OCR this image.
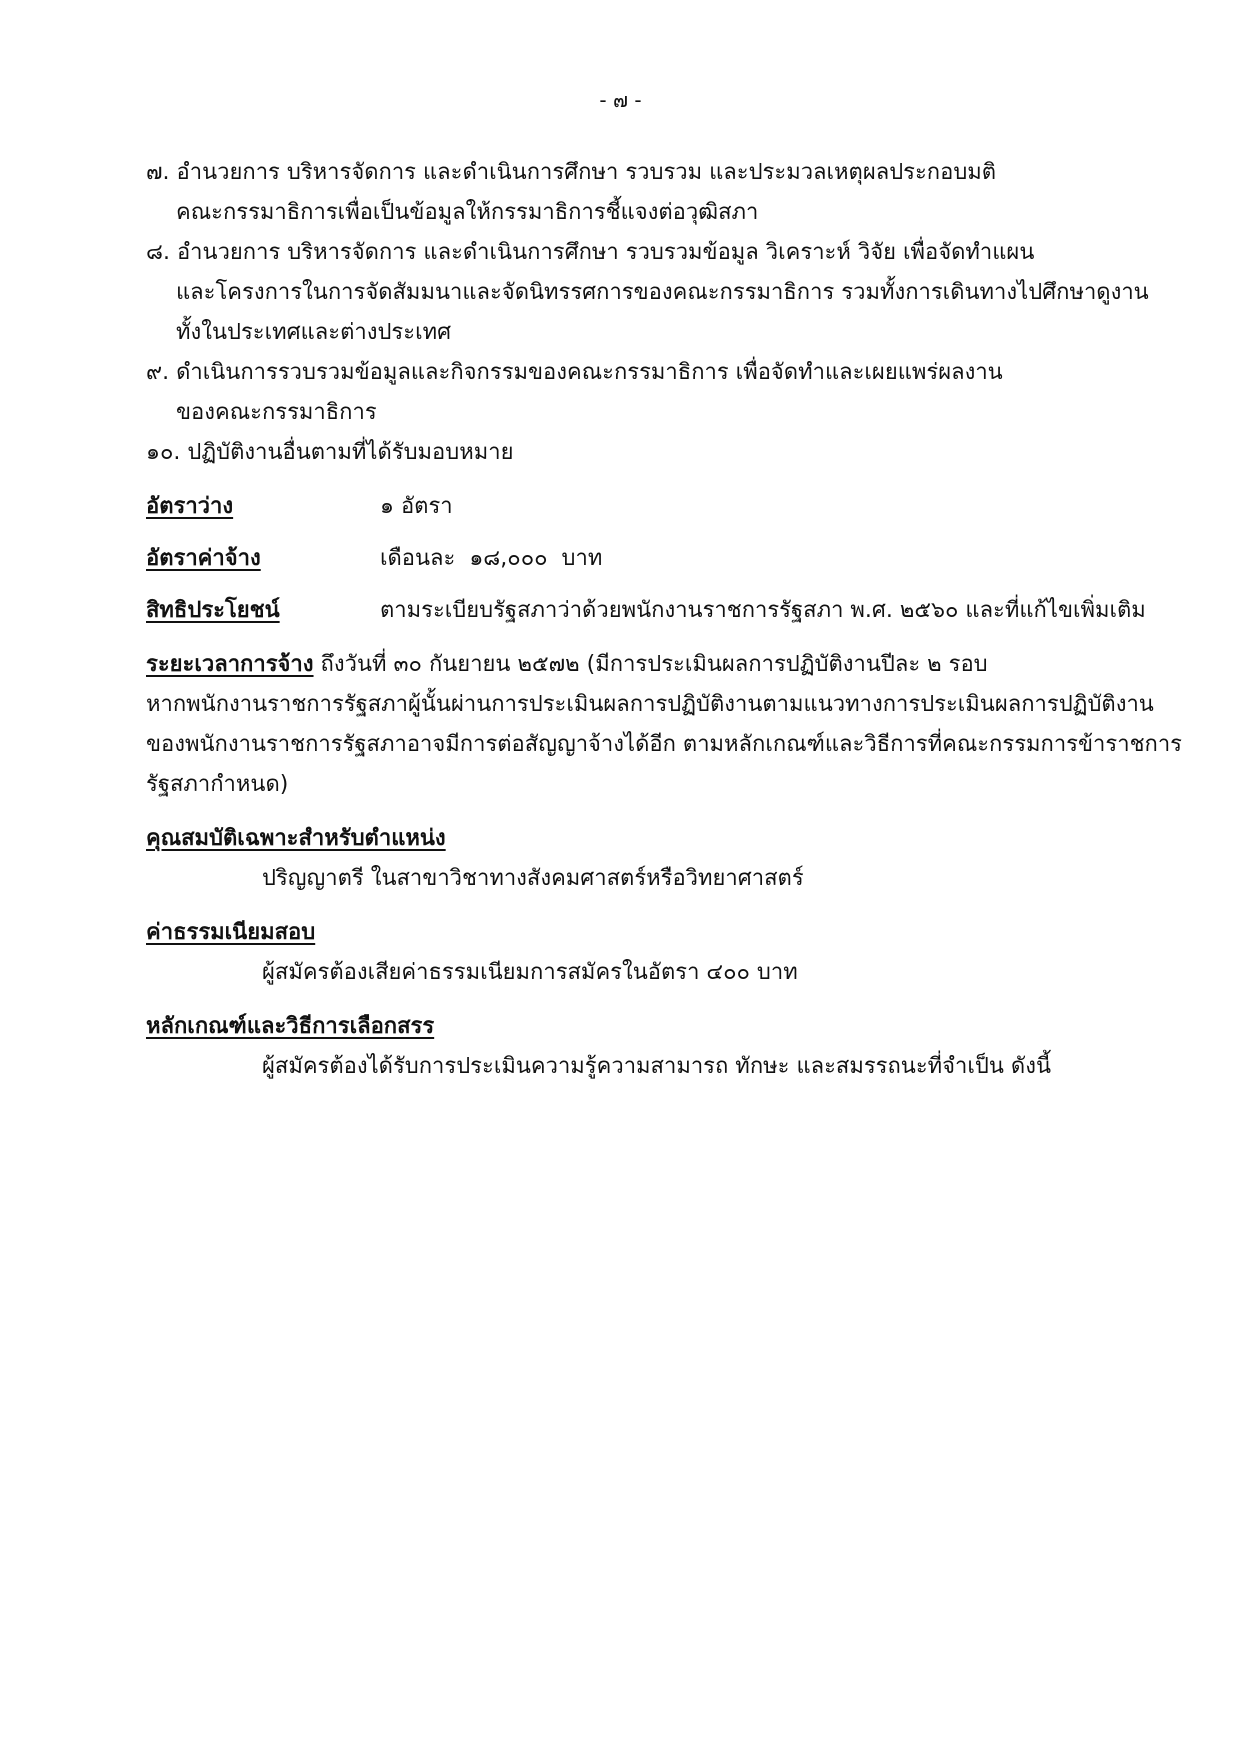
- ๗ -
๗. อำนวยการ บริหารจัดการ และดำเนินการศึกษา รวบรวม และประมวลเหตุผลประกอบมติ
คณะกรรมาธิการเพื่อเป็นข้อมูลให้กรรมาธิการชี้แจงต่อวุฒิสภา
๘. อำนวยการ บริหารจัดการ และดำเนินการศึกษา รวบรวมข้อมูล วิเคราะห์ วิจัย เพื่อจัดทำแผน
และโครงการในการจัดสัมมนาและจัดนิทรรศการของคณะกรรมาธิการ รวมทั้งการเดินทางไปศึกษาดูงาน
ทั้งในประเทศและต่างประเทศ
๙. ดำเนินการรวบรวมข้อมูลและกิจกรรมของคณะกรรมาธิการ เพื่อจัดทำและเผยแพร่ผลงาน
ของคณะกรรมาธิการ
๑๐. ปฏิบัติงานอื่นตามที่ได้รับมอบหมาย
อัตราว่าง	๑ อัตรา
อัตราค่าจ้าง	เดือนละ  ๑๘,๐๐๐  บาท
สิทธิประโยชน์	ตามระเบียบรัฐสภาว่าด้วยพนักงานราชการรัฐสภา พ.ศ. ๒๕๖๐ และที่แก้ไขเพิ่มเติม
ระยะเวลาการจ้าง ถึงวันที่ ๓๐ กันยายน ๒๕๗๒ (มีการประเมินผลการปฏิบัติงานปีละ ๒ รอบ
หากพนักงานราชการรัฐสภาผู้นั้นผ่านการประเมินผลการปฏิบัติงานตามแนวทางการประเมินผลการปฏิบัติงาน
ของพนักงานราชการรัฐสภาอาจมีการต่อสัญญาจ้างได้อีก ตามหลักเกณฑ์และวิธีการที่คณะกรรมการข้าราชการ
รัฐสภากำหนด)
คุณสมบัติเฉพาะสำหรับตำแหน่ง
ปริญญาตรี ในสาขาวิชาทางสังคมศาสตร์หรือวิทยาศาสตร์
ค่าธรรมเนียมสอบ
ผู้สมัครต้องเสียค่าธรรมเนียมการสมัครในอัตรา ๔๐๐ บาท
หลักเกณฑ์และวิธีการเลือกสรร
ผู้สมัครต้องได้รับการประเมินความรู้ความสามารถ ทักษะ และสมรรถนะที่จำเป็น ดังนี้
